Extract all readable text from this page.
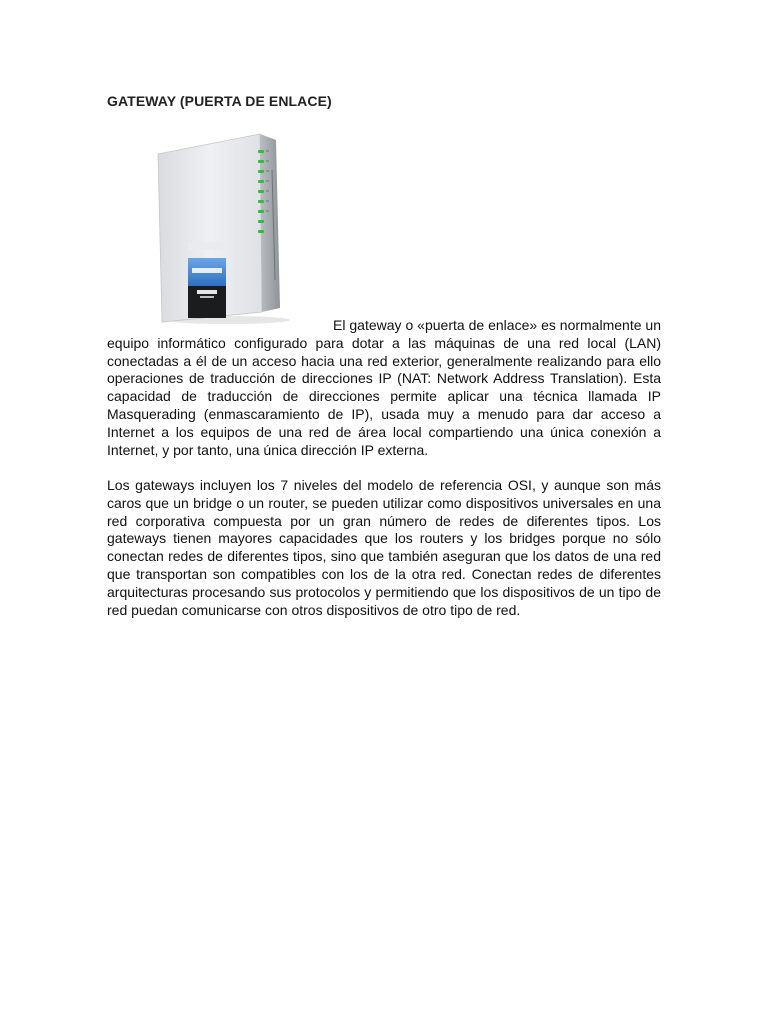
GATEWAY (PUERTA DE ENLACE)

El gateway o «puerta de enlace» es normalmente un equipo informático configurado para dotar a las máquinas de una red local (LAN) conectadas a él de un acceso hacia una red exterior, generalmente realizando para ello operaciones de traducción de direcciones IP (NAT: Network Address Translation). Esta capacidad de traducción de direcciones permite aplicar una técnica llamada IP Masquerading (enmascaramiento de IP), usada muy a menudo para dar acceso a Internet a los equipos de una red de área local compartiendo una única conexión a Internet, y por tanto, una única dirección IP externa.

Los gateways incluyen los 7 niveles del modelo de referencia OSI, y aunque son más caros que un bridge o un router, se pueden utilizar como dispositivos universales en una red corporativa compuesta por un gran número de redes de diferentes tipos. Los gateways tienen mayores capacidades que los routers y los bridges porque no sólo conectan redes de diferentes tipos, sino que también aseguran que los datos de una red que transportan son compatibles con los de la otra red. Conectan redes de diferentes arquitecturas procesando sus protocolos y permitiendo que los dispositivos de un tipo de red puedan comunicarse con otros dispositivos de otro tipo de red.
